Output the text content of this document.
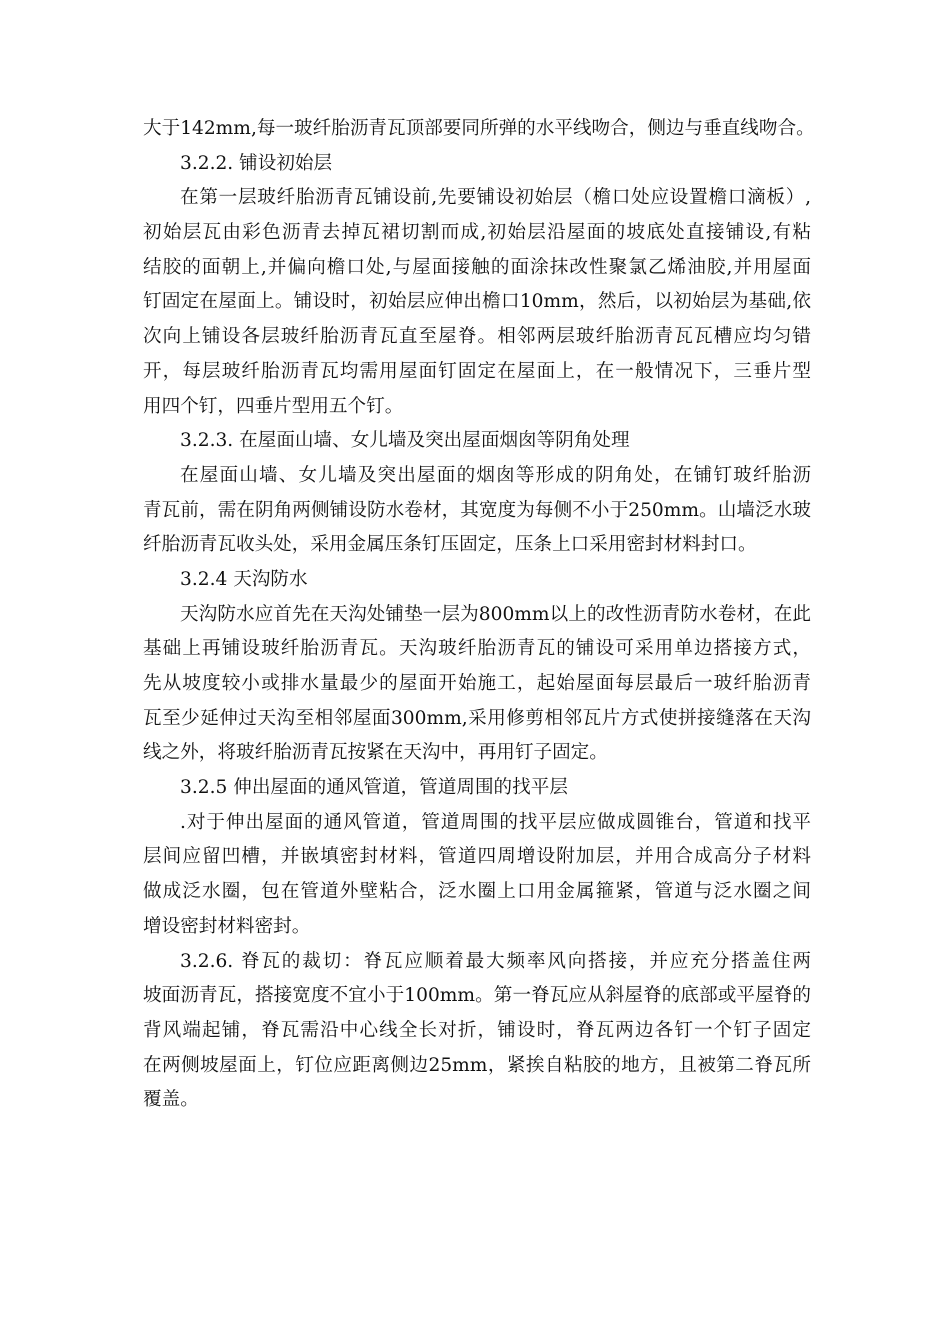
大于142mm,每一玻纤胎沥青瓦顶部要同所弹的水平线吻合，侧边与垂直线吻合。
3.2.2. 铺设初始层
在第一层玻纤胎沥青瓦铺设前,先要铺设初始层（檐口处应设置檐口滴板）,
初始层瓦由彩色沥青去掉瓦裙切割而成,初始层沿屋面的坡底处直接铺设,有粘
结胶的面朝上,并偏向檐口处,与屋面接触的面涂抹改性聚氯乙烯油胶,并用屋面
钉固定在屋面上。铺设时，初始层应伸出檐口10mm，然后，以初始层为基础,依
次向上铺设各层玻纤胎沥青瓦直至屋脊。相邻两层玻纤胎沥青瓦瓦槽应均匀错
开，每层玻纤胎沥青瓦均需用屋面钉固定在屋面上，在一般情况下，三垂片型
用四个钉，四垂片型用五个钉。
3.2.3. 在屋面山墙、女儿墙及突出屋面烟囱等阴角处理
在屋面山墙、女儿墙及突出屋面的烟囱等形成的阴角处，在铺钉玻纤胎沥
青瓦前，需在阴角两侧铺设防水卷材，其宽度为每侧不小于250mm。山墙泛水玻
纤胎沥青瓦收头处，采用金属压条钉压固定，压条上口采用密封材料封口。
3.2.4 天沟防水
天沟防水应首先在天沟处铺垫一层为800mm以上的改性沥青防水卷材，在此
基础上再铺设玻纤胎沥青瓦。天沟玻纤胎沥青瓦的铺设可采用单边搭接方式，
先从坡度较小或排水量最少的屋面开始施工，起始屋面每层最后一玻纤胎沥青
瓦至少延伸过天沟至相邻屋面300mm,采用修剪相邻瓦片方式使拼接缝落在天沟
线之外，将玻纤胎沥青瓦按紧在天沟中，再用钉子固定。
3.2.5 伸出屋面的通风管道，管道周围的找平层
.对于伸出屋面的通风管道，管道周围的找平层应做成圆锥台，管道和找平
层间应留凹槽，并嵌填密封材料，管道四周增设附加层，并用合成高分子材料
做成泛水圈，包在管道外壁粘合，泛水圈上口用金属箍紧，管道与泛水圈之间
增设密封材料密封。
3.2.6. 脊瓦的裁切：脊瓦应顺着最大频率风向搭接，并应充分搭盖住两
坡面沥青瓦，搭接宽度不宜小于100mm。第一脊瓦应从斜屋脊的底部或平屋脊的
背风端起铺，脊瓦需沿中心线全长对折，铺设时，脊瓦两边各钉一个钉子固定
在两侧坡屋面上，钉位应距离侧边25mm，紧挨自粘胶的地方，且被第二脊瓦所
覆盖。
